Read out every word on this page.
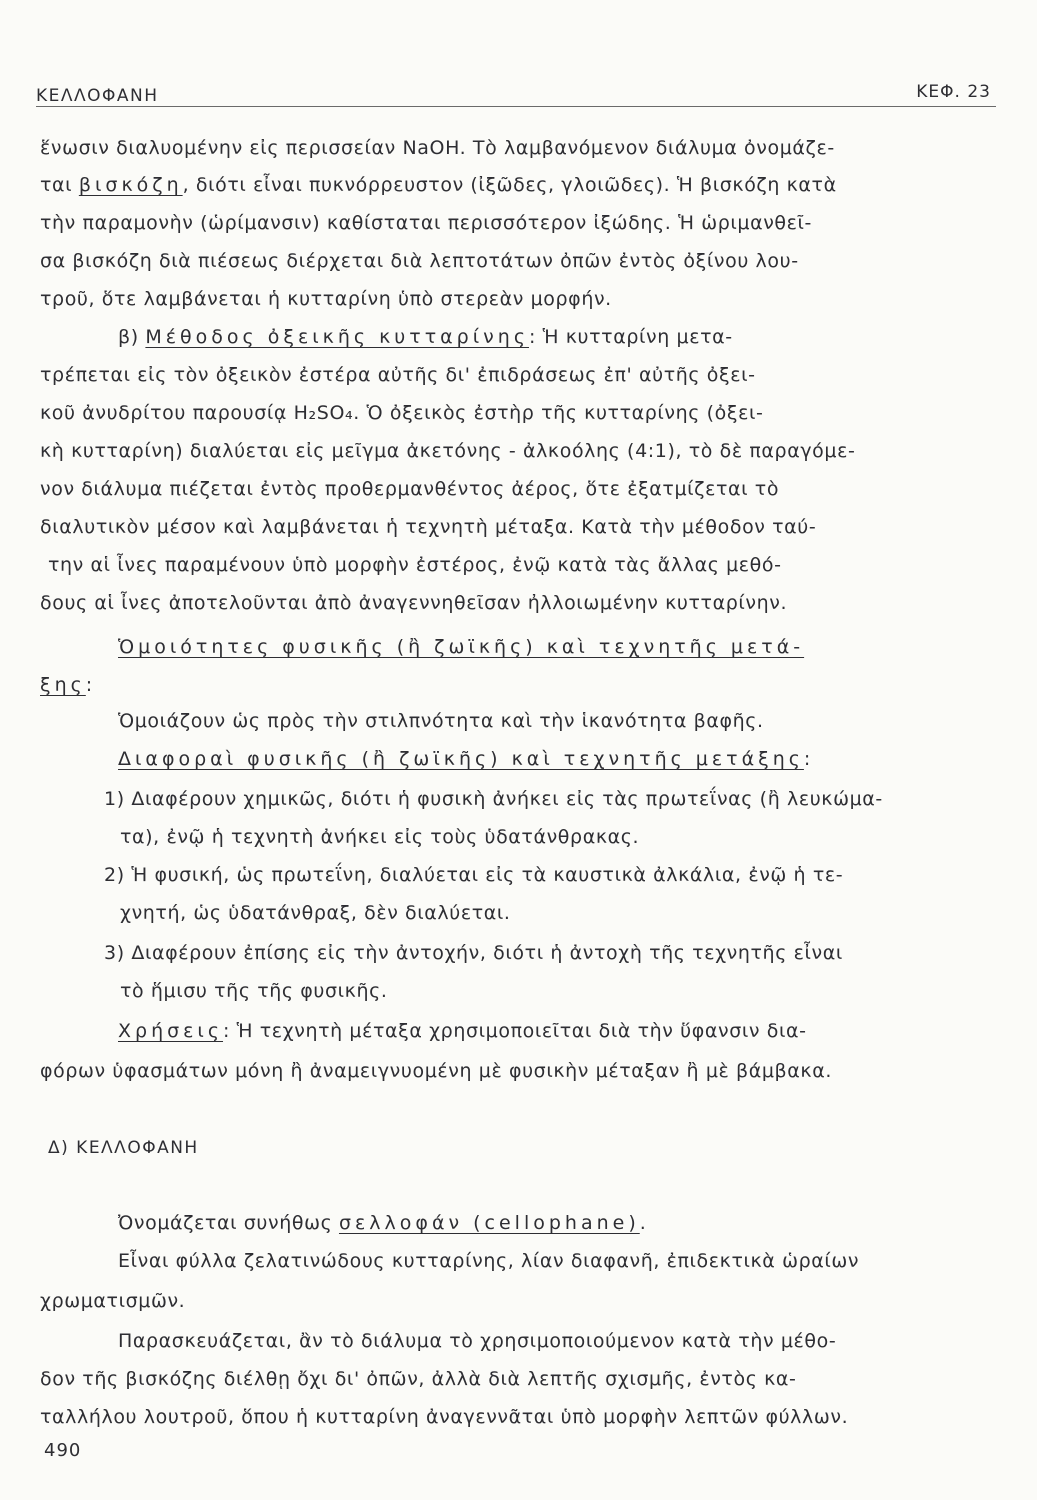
ΚΕΛΛΟΦΑΝΗ	ΚΕΦ. 23
ἕνωσιν διαλυομένην εἰς περισσείαν NaOH. Τὸ λαμβανόμενον διάλυμα ὀνομάζε-
ται βισκόζη, διότι εἶναι πυκνόρρευστον (ἰξῶδες, γλοιῶδες). Ἡ βισκόζη κατὰ
τὴν παραμονὴν (ὡρίμανσιν) καθίσταται περισσότερον ἰξώδης. Ἡ ὡριμανθεῖ-
σα βισκόζη διὰ πιέσεως διέρχεται διὰ λεπτοτάτων ὀπῶν ἐντὸς ὀξίνου λου-
τροῦ, ὅτε λαμβάνεται ἡ κυτταρίνη ὑπὸ στερεὰν μορφήν.
β) Μέθοδος ὀξεικῆς κυτταρίνης: Ἡ κυτταρίνη μετα-
τρέπεται εἰς τὸν ὀξεικὸν ἐστέρα αὐτῆς δι' ἐπιδράσεως ἐπ' αὐτῆς ὀξει-
κοῦ ἀνυδρίτου παρουσίᾳ H₂SO₄. Ὁ ὀξεικὸς ἐστὴρ τῆς κυτταρίνης (ὀξει-
κὴ κυτταρίνη) διαλύεται εἰς μεῖγμα ἀκετόνης - ἀλκοόλης (4:1), τὸ δὲ παραγόμε-
νον διάλυμα πιέζεται ἐντὸς προθερμανθέντος ἀέρος, ὅτε ἐξατμίζεται τὸ
διαλυτικὸν μέσον καὶ λαμβάνεται ἡ τεχνητὴ μέταξα. Κατὰ τὴν μέθοδον ταύ-
την αἱ ἶνες παραμένουν ὑπὸ μορφὴν ἐστέρος, ἐνῷ κατὰ τὰς ἄλλας μεθό-
δους αἱ ἶνες ἀποτελοῦνται ἀπὸ ἀναγεννηθεῖσαν ἠλλοιωμένην κυτταρίνην.
Ὁμοιότητες φυσικῆς (ἢ ζωϊκῆς) καὶ τεχνητῆς μετά-
ξης:
Ὁμοιάζουν ὡς πρὸς τὴν στιλπνότητα καὶ τὴν ἱκανότητα βαφῆς.
Διαφοραὶ φυσικῆς (ἢ ζωϊκῆς) καὶ τεχνητῆς μετάξης:
1) Διαφέρουν χημικῶς, διότι ἡ φυσικὴ ἀνήκει εἰς τὰς πρωτεΐνας (ἢ λευκώμα-
τα), ἐνῷ ἡ τεχνητὴ ἀνήκει εἰς τοὺς ὑδατάνθρακας.
2) Ἡ φυσική, ὡς πρωτεΐνη, διαλύεται εἰς τὰ καυστικὰ ἀλκάλια, ἐνῷ ἡ τε-
χνητή, ὡς ὑδατάνθραξ, δὲν διαλύεται.
3) Διαφέρουν ἐπίσης εἰς τὴν ἀντοχήν, διότι ἡ ἀντοχὴ τῆς τεχνητῆς εἶναι
τὸ ἥμισυ τῆς τῆς φυσικῆς.
Χρήσεις: Ἡ τεχνητὴ μέταξα χρησιμοποιεῖται διὰ τὴν ὕφανσιν δια-
φόρων ὑφασμάτων μόνη ἢ ἀναμειγνυομένη μὲ φυσικὴν μέταξαν ἢ μὲ βάμβακα.
Ὀνομάζεται συνήθως σελλοφάν (cellophane).
Εἶναι φύλλα ζελατινώδους κυτταρίνης, λίαν διαφανῆ, ἐπιδεκτικὰ ὡραίων
χρωματισμῶν.
Παρασκευάζεται, ἂν τὸ διάλυμα τὸ χρησιμοποιούμενον κατὰ τὴν μέθο-
δον τῆς βισκόζης διέλθῃ ὄχι δι' ὀπῶν, ἀλλὰ διὰ λεπτῆς σχισμῆς, ἐντὸς κα-
ταλλήλου λουτροῦ, ὅπου ἡ κυτταρίνη ἀναγεννᾶται ὑπὸ μορφὴν λεπτῶν φύλλων.
Δ) ΚΕΛΛΟΦΑΝΗ
490
